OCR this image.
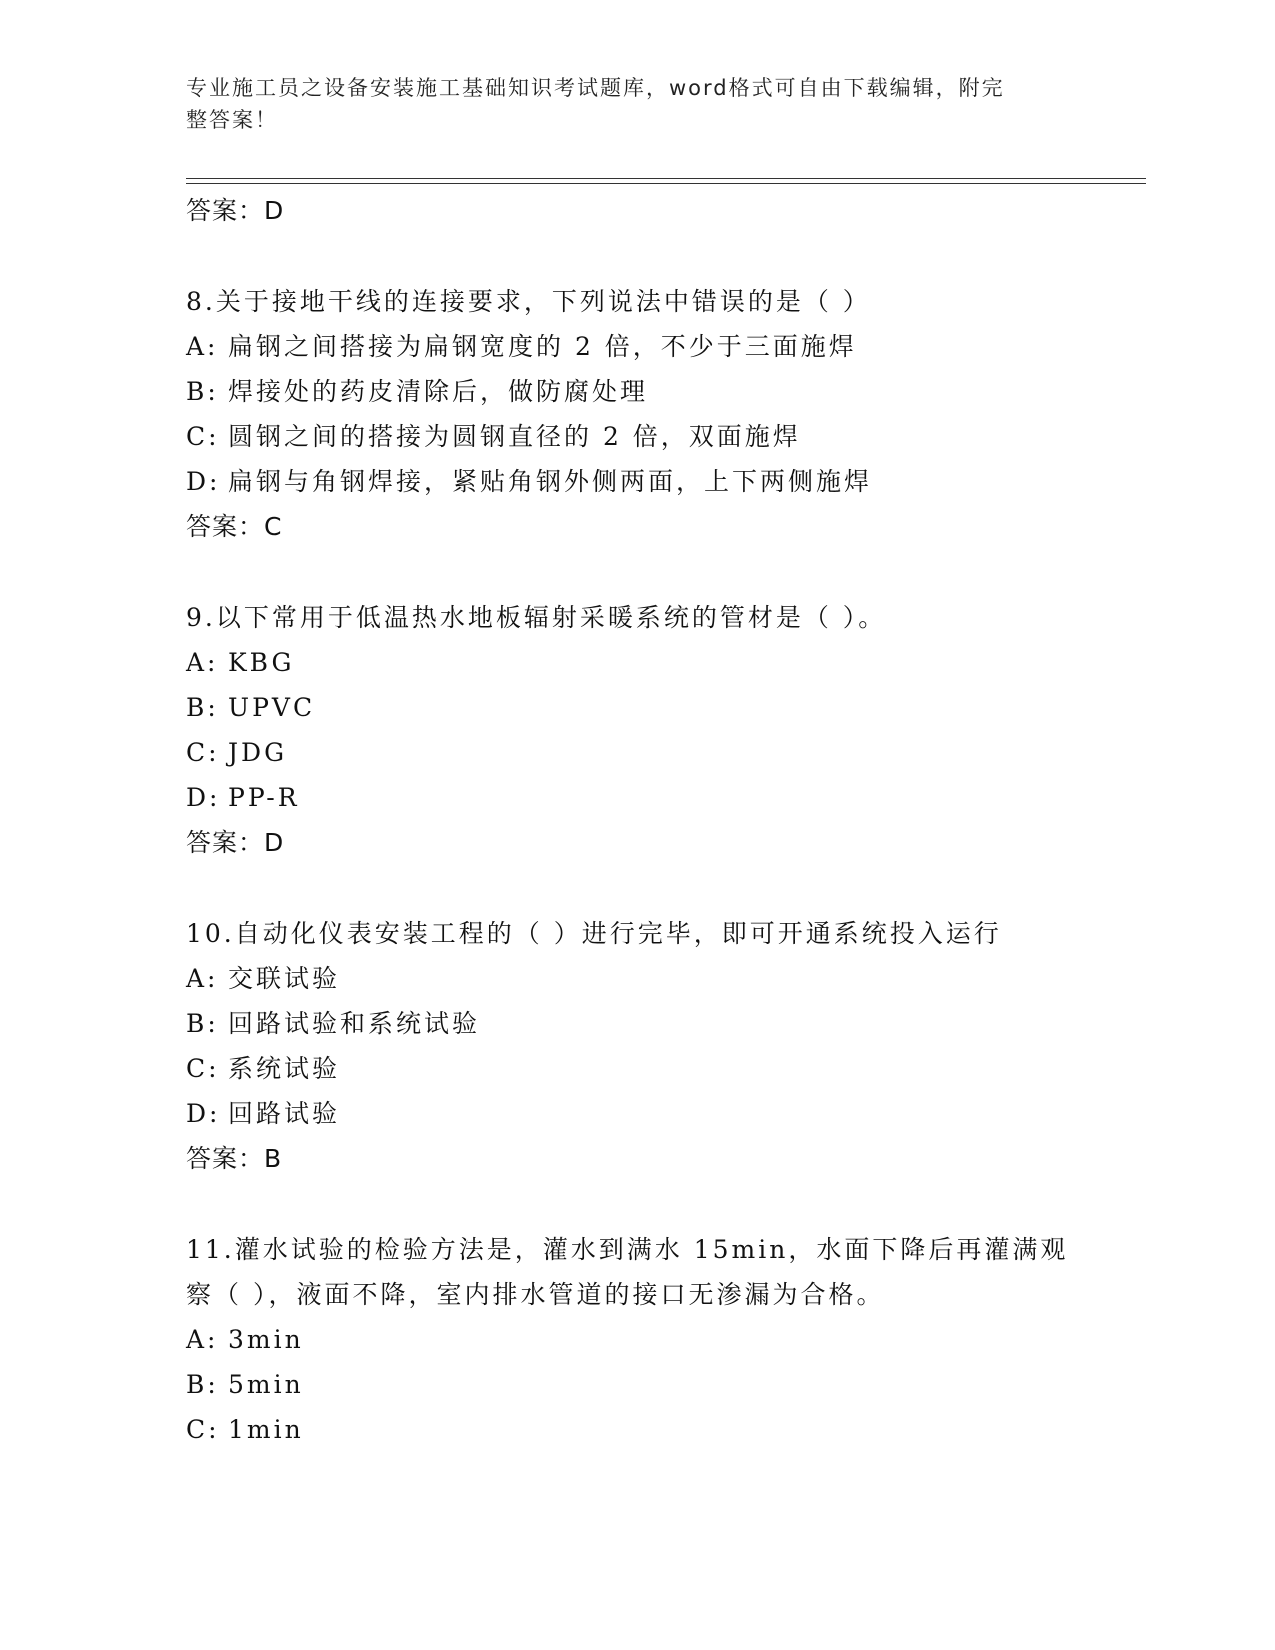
专业施工员之设备安装施工基础知识考试题库，word格式可自由下载编辑，附完
整答案！
答案：D
8.关于接地干线的连接要求，下列说法中错误的是（ ）
A: 扁钢之间搭接为扁钢宽度的 2 倍，不少于三面施焊
B: 焊接处的药皮清除后，做防腐处理
C: 圆钢之间的搭接为圆钢直径的 2 倍，双面施焊
D: 扁钢与角钢焊接，紧贴角钢外侧两面，上下两侧施焊
答案：C
9.以下常用于低温热水地板辐射采暖系统的管材是（ ）。
A: KBG
B: UPVC
C: JDG
D: PP-R
答案：D
10.自动化仪表安装工程的（ ）进行完毕，即可开通系统投入运行
A: 交联试验
B: 回路试验和系统试验
C: 系统试验
D: 回路试验
答案：B
11.灌水试验的检验方法是，灌水到满水 15min，水面下降后再灌满观
察（ ），液面不降，室内排水管道的接口无渗漏为合格。
A: 3min
B: 5min
C: 1min
